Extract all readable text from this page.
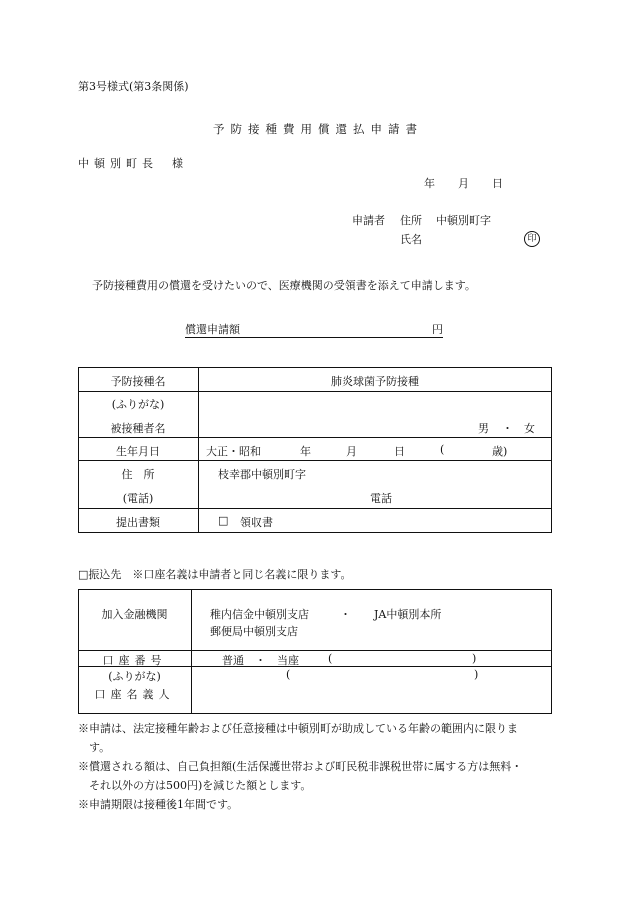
第3号様式(第3条関係)
予防接種費用償還払申請書
中頓別町長 様
年 月 日
申請者 住所 中頓別町字
氏名	印
予防接種費用の償還を受けたいので、医療機関の受領書を添えて申請します。
償還申請額	円
予防接種名	肺炎球菌予防接種
(ふりがな)
被接種者名	男 ・ 女
生年月日	大正・昭和	年	月	日	(	歳)
住　所	枝幸郡中頓別町字
(電話)	電話
提出書類	□ 領収書
□振込先　※口座名義は申請者と同じ名義に限ります。
加入金融機関	稚内信金中頓別支店	・ JA中頓別本所
郵便局中頓別支店
口座番号	普通　・　当座	(	)
(ふりがな)	(	)
口座名義人
※申請は、法定接種年齢および任意接種は中頓別町が助成している年齢の範囲内に限りま
　す。
※償還される額は、自己負担額(生活保護世帯および町民税非課税世帯に属する方は無料・
　それ以外の方は500円)を減じた額とします。
※申請期限は接種後1年間です。
